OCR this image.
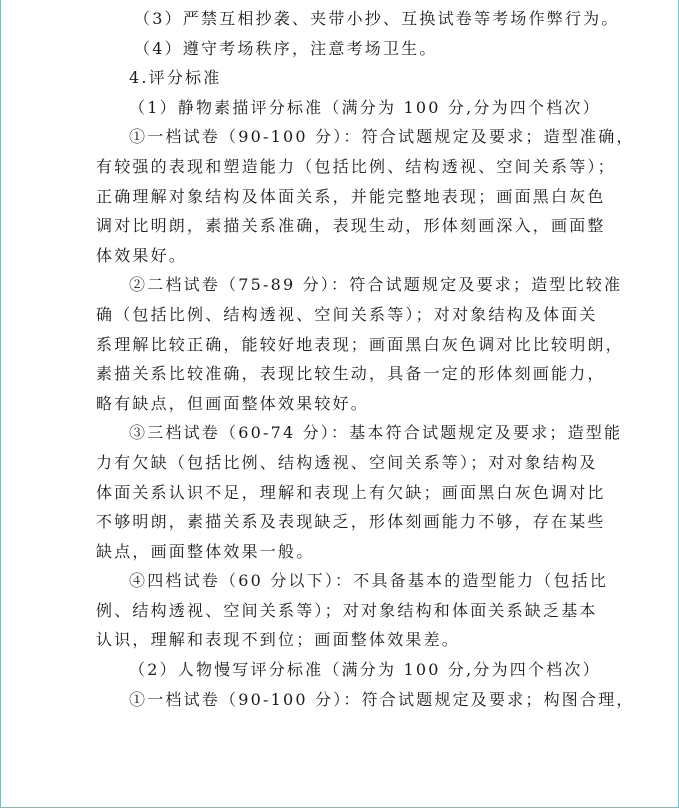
（3）严禁互相抄袭、夹带小抄、互换试卷等考场作弊行为。
（4）遵守考场秩序，注意考场卫生。
4.评分标准
（1）静物素描评分标准（满分为 100 分,分为四个档次）
①一档试卷（90-100 分）：符合试题规定及要求；造型准确，
有较强的表现和塑造能力（包括比例、结构透视、空间关系等）；
正确理解对象结构及体面关系，并能完整地表现；画面黑白灰色
调对比明朗，素描关系准确，表现生动，形体刻画深入，画面整
体效果好。
②二档试卷（75-89 分）：符合试题规定及要求；造型比较准
确（包括比例、结构透视、空间关系等）；对对象结构及体面关
系理解比较正确，能较好地表现；画面黑白灰色调对比比较明朗，
素描关系比较准确，表现比较生动，具备一定的形体刻画能力，
略有缺点，但画面整体效果较好。
③三档试卷（60-74 分）：基本符合试题规定及要求；造型能
力有欠缺（包括比例、结构透视、空间关系等）；对对象结构及
体面关系认识不足，理解和表现上有欠缺；画面黑白灰色调对比
不够明朗，素描关系及表现缺乏，形体刻画能力不够，存在某些
缺点，画面整体效果一般。
④四档试卷（60 分以下）：不具备基本的造型能力（包括比
例、结构透视、空间关系等）；对对象结构和体面关系缺乏基本
认识，理解和表现不到位；画面整体效果差。
（2）人物慢写评分标准（满分为 100 分,分为四个档次）
①一档试卷（90-100 分）：符合试题规定及要求；构图合理，
